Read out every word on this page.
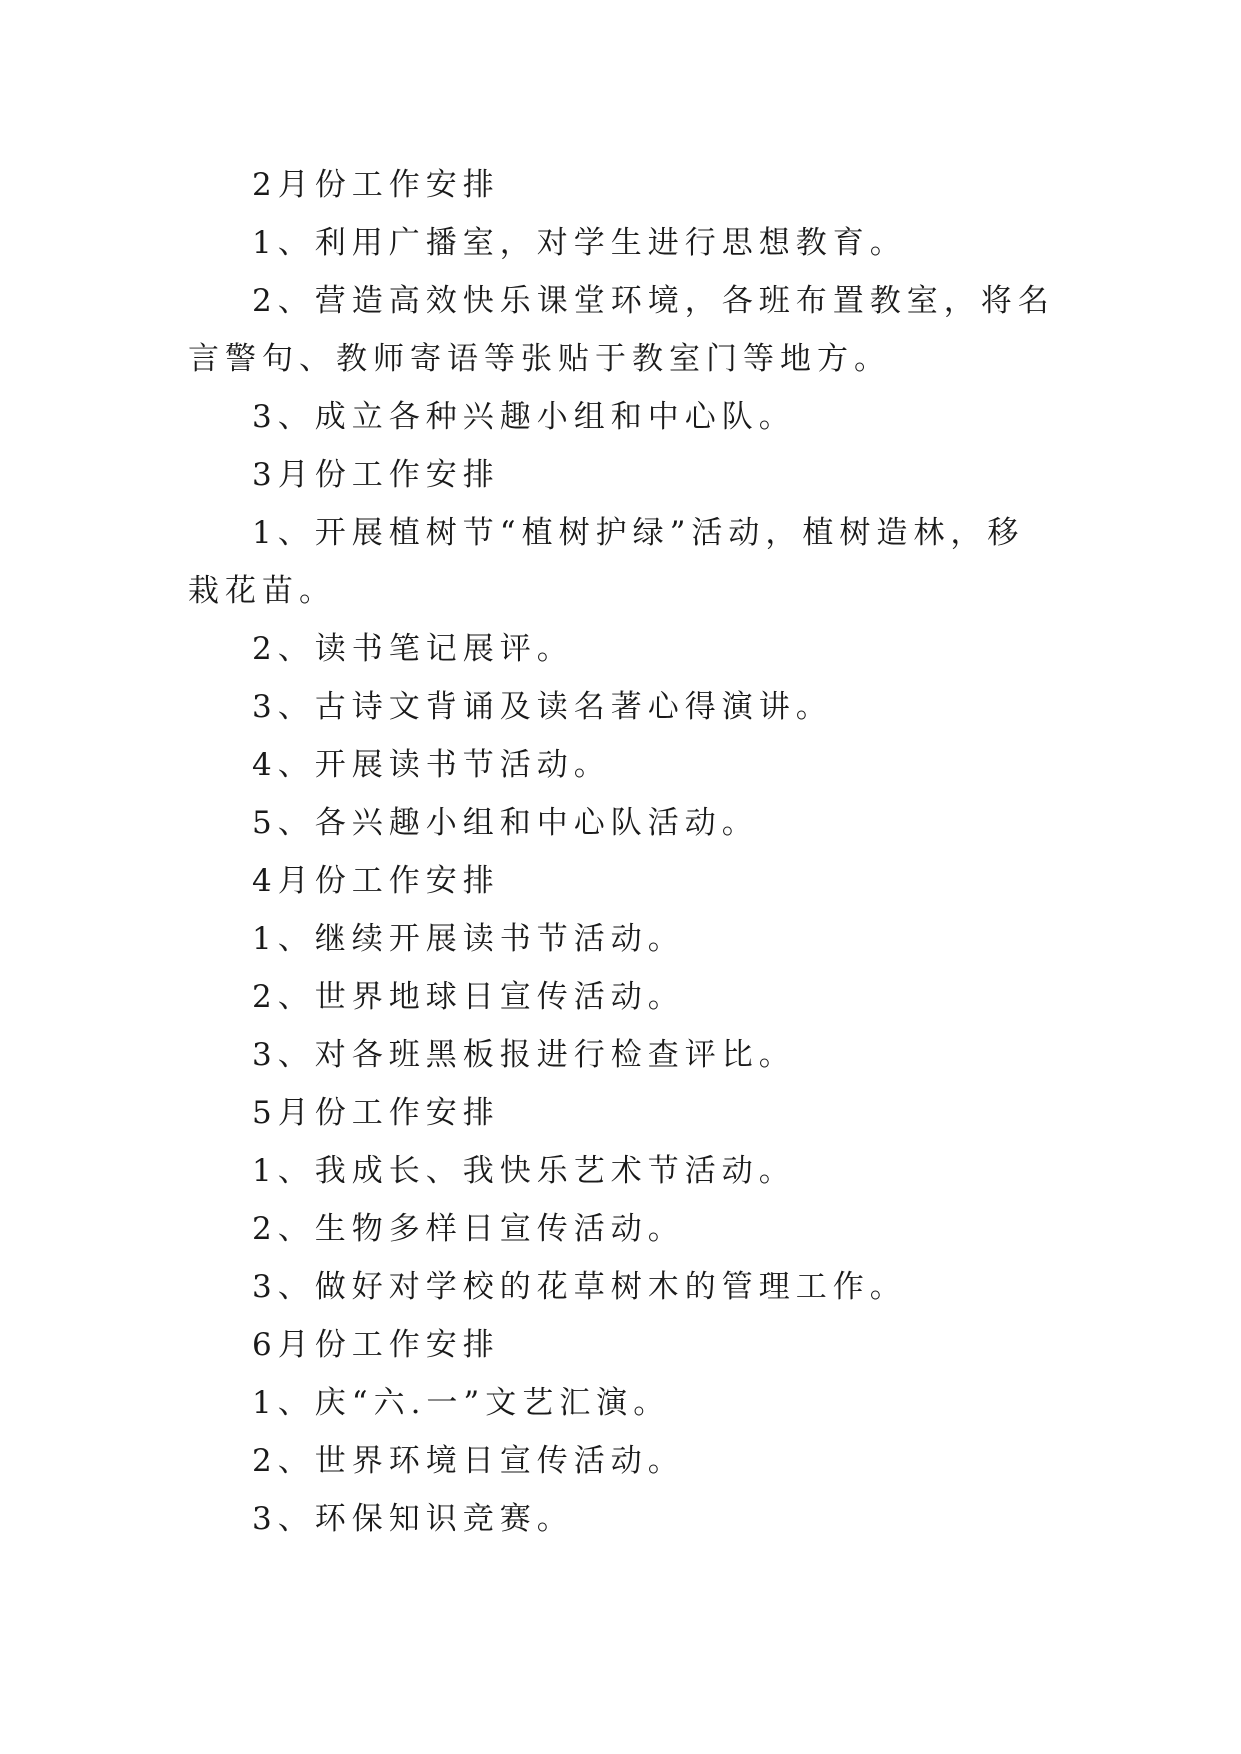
2月份工作安排

1、利用广播室，对学生进行思想教育。

2、营造高效快乐课堂环境，各班布置教室，将名言警句、教师寄语等张贴于教室门等地方。

3、成立各种兴趣小组和中心队。

3月份工作安排

1、开展植树节“植树护绿”活动，植树造林，移栽花苗。

2、读书笔记展评。

3、古诗文背诵及读名著心得演讲。

4、开展读书节活动。

5、各兴趣小组和中心队活动。

4月份工作安排

1、继续开展读书节活动。

2、世界地球日宣传活动。

3、对各班黑板报进行检查评比。

5月份工作安排

1、我成长、我快乐艺术节活动。

2、生物多样日宣传活动。

3、做好对学校的花草树木的管理工作。

6月份工作安排

1、庆“六.一”文艺汇演。

2、世界环境日宣传活动。

3、环保知识竞赛。
